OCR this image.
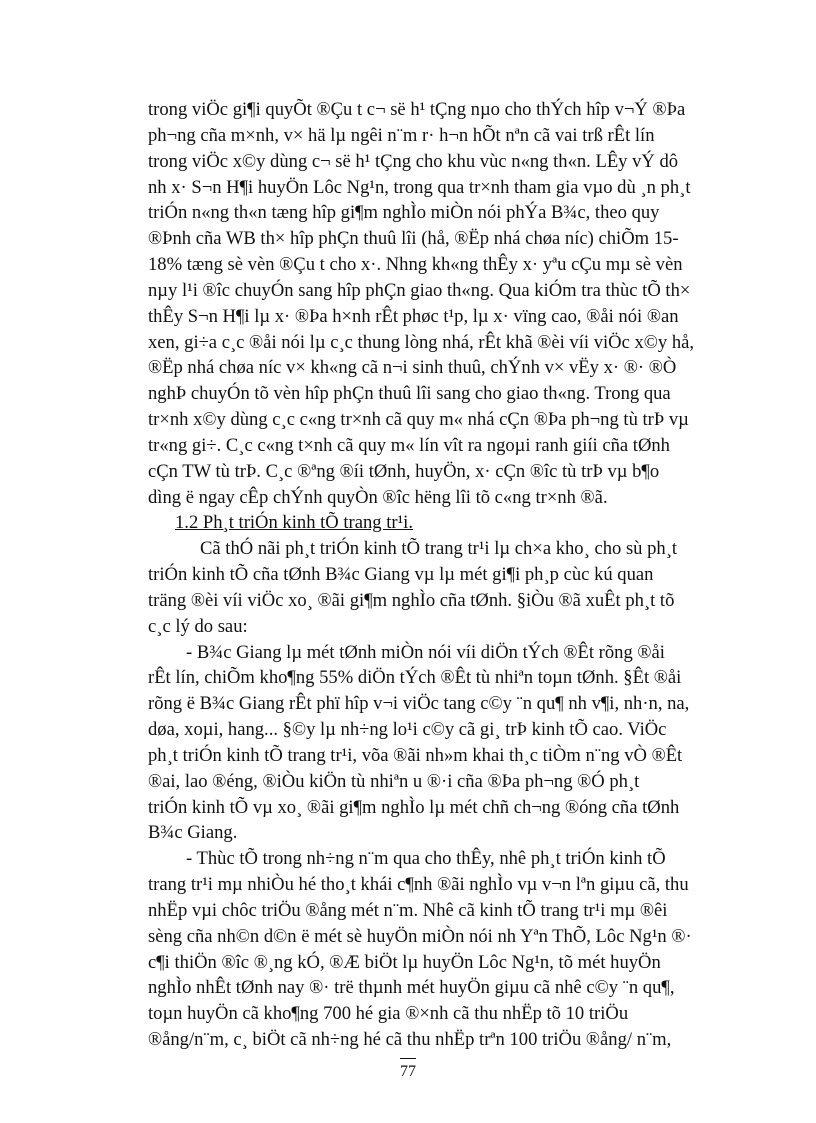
trong viÖc gi¶i quyÕt ®Çu t c¬ së h¹ tÇng nµo cho thÝch hîp v¬Ý ®Þa
ph¬ng cña m×nh, v× hä lµ ngêi n¨m r· h¬n hÕt nªn cã vai trß rÊt lín
trong viÖc x©y dùng c¬ së h¹ tÇng cho khu vùc n«ng th«n. LÊy vÝ dô
nh x· S¬n H¶i huyÖn Lôc Ng¹n, trong qua tr×nh tham gia vµo dù ¸n ph¸t
triÓn n«ng th«n tæng hîp gi¶m nghÌo miÒn nói phÝa B¾c, theo quy
®Þnh cña WB th× hîp phÇn thuû lîi (hå, ®Ëp nhá chøa níc) chiÕm 15-
18% tæng sè vèn ®Çu t cho x·. Nhng kh«ng thÊy x· yªu cÇu mµ sè vèn
nµy l¹i ®îc chuyÓn sang hîp phÇn giao th«ng. Qua kiÓm tra thùc tÕ th×
thÊy S¬n H¶i lµ x· ®Þa h×nh rÊt phøc t¹p, lµ x· vïng cao, ®åi nói ®an
xen, gi÷a c¸c ®åi nói lµ c¸c thung lòng nhá, rÊt khã ®èi víi viÖc x©y hå,
®Ëp nhá chøa níc v× kh«ng cã n¬i sinh thuû, chÝnh v× vËy x· ®· ®Ò
nghÞ chuyÓn tõ vèn hîp phÇn thuû lîi sang cho giao th«ng. Trong qua
tr×nh x©y dùng c¸c c«ng tr×nh cã quy m« nhá cÇn ®Þa ph¬ng tù trÞ vµ
tr«ng gi÷. C¸c c«ng t×nh cã quy m« lín vît ra ngoµi ranh giíi cña tØnh
cÇn TW tù trÞ. C¸c ®ªng ®íi tØnh, huyÖn, x· cÇn ®îc tù trÞ vµ b¶o
dìng ë ngay cÊp chÝnh quyÒn ®îc hëng lîi tõ c«ng tr×nh ®ã.
1.2 Ph¸t triÓn kinh tÕ trang tr¹i.
Cã thÓ nãi ph¸t triÓn kinh tÕ trang tr¹i lµ ch×a kho¸ cho sù ph¸t
triÓn kinh tÕ cña tØnh B¾c Giang vµ lµ mét gi¶i ph¸p cùc kú quan
träng ®èi víi viÖc xo¸ ®ãi gi¶m nghÌo cña tØnh. §iÒu ®ã xuÊt ph¸t tõ
c¸c lý do sau:
- B¾c Giang lµ mét tØnh miÒn nói víi diÖn tÝch ®Êt rõng ®åi
rÊt lín, chiÕm kho¶ng 55% diÖn tÝch ®Êt tù nhiªn toµn tØnh. §Êt ®åi
rõng ë B¾c Giang rÊt phï hîp v¬i viÖc tang c©y ¨n qu¶ nh v¶i, nh·n, na,
døa, xoµi, hang... §©y lµ nh÷ng lo¹i c©y cã gi¸ trÞ kinh tÕ cao. ViÖc
ph¸t triÓn kinh tÕ trang tr¹i, võa ®ãi nh»m khai th¸c tiÒm n¨ng vÒ ®Êt
®ai, lao ®éng, ®iÒu kiÖn tù nhiªn u ®·i cña ®Þa ph¬ng ®Ó ph¸t
triÓn kinh tÕ vµ xo¸ ®ãi gi¶m nghÌo lµ mét chñ ch¬ng ®óng cña tØnh
B¾c Giang.
- Thùc tÕ trong nh÷ng n¨m qua cho thÊy, nhê ph¸t triÓn kinh tÕ
trang tr¹i mµ nhiÒu hé tho¸t khái c¶nh ®ãi nghÌo vµ v¬n lªn giµu cã, thu
nhËp vµi chôc triÖu ®ång mét n¨m. Nhê cã kinh tÕ trang tr¹i mµ ®êi
sèng cña nh©n d©n ë mét sè huyÖn miÒn nói nh Yªn ThÕ, Lôc Ng¹n ®·
77
c¶i thiÖn ®îc ®¸ng kÓ, ®Æ biÖt lµ huyÖn Lôc Ng¹n, tõ mét huyÖn
nghÌo nhÊt tØnh nay ®· trë thµnh mét huyÖn giµu cã nhê c©y ¨n qu¶,
toµn huyÖn cã kho¶ng 700 hé gia ®×nh cã thu nhËp tõ 10 triÖu
®ång/n¨m, c¸ biÖt cã nh÷ng hé cã thu nhËp trªn 100 triÖu ®ång/ n¨m,
